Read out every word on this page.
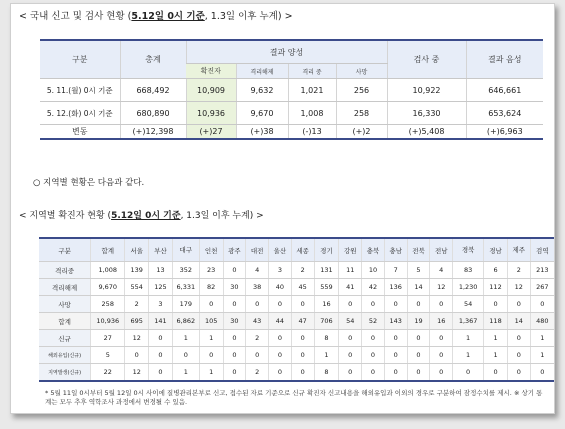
< 국내 신고 및 검사 현황 (5.12일 0시 기준, 1.3일 이후 누계) >
구분	총계	결과 양성				검사 중	결과 음성
		확진자	격리해제	격리 중	사망		
5. 11.(월) 0시 기준	668,492	10,909	9,632	1,021	256	10,922	646,661
5. 12.(화) 0시 기준	680,890	10,936	9,670	1,008	258	16,330	653,624
변동	(+)12,398	(+)27	(+)38	(-)13	(+)2	(+)5,408	(+)6,963
○ 지역별 현황은 다음과 같다.
< 지역별 확진자 현황 (5.12일 0시 기준, 1.3일 이후 누계) >
구분	합계	서울	부산	대구	인천	광주	대전	울산	세종	경기	강원	충북	충남	전북	전남	경북	경남	제주	검역
격리중	1,008	139	13	352	23	0	4	3	2	131	11	10	7	5	4	83	6	2	213
격리해제	9,670	554	125	6,331	82	30	38	40	45	559	41	42	136	14	12	1,230	112	12	267
사망	258	2	3	179	0	0	0	0	0	16	0	0	0	0	0	54	0	0	0
합계	10,936	695	141	6,862	105	30	43	44	47	706	54	52	143	19	16	1,367	118	14	480
신규	27	12	0	1	1	0	2	0	0	8	0	0	0	0	0	1	1	0	1
해외유입(신규)	5	0	0	0	0	0	0	0	0	1	0	0	0	0	0	1	1	0	1
지역발생(신규)	22	12	0	1	1	0	2	0	0	8	0	0	0	0	0	0	0	0	0
* 5월 11일 0시부터 5월 12일 0시 사이에 질병관리본부로 신고, 접수된 자료 기준으로 신규 확진자 신고내용을 해외유입과 이외의 경우로 구분하여 잠정수치를 제시. ※ 상기 통계는 모두 추후 역학조사 과정에서 변경될 수 있음.
